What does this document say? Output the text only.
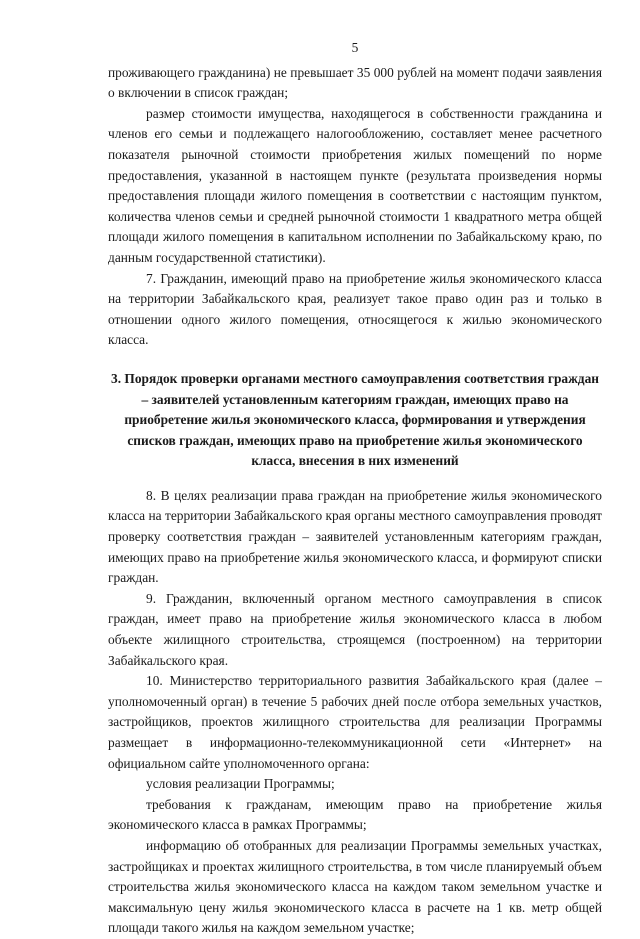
5

проживающего гражданина) не превышает 35 000 рублей на момент подачи заявления о включении в список граждан;

размер стоимости имущества, находящегося в собственности гражданина и членов его семьи и подлежащего налогообложению, составляет менее расчетного показателя рыночной стоимости приобретения жилых помещений по норме предоставления, указанной в настоящем пункте (результата произведения нормы предоставления площади жилого помещения в соответствии с настоящим пунктом, количества членов семьи и средней рыночной стоимости 1 квадратного метра общей площади жилого помещения в капитальном исполнении по Забайкальскому краю, по данным государственной статистики).

7. Гражданин, имеющий право на приобретение жилья экономического класса на территории Забайкальского края, реализует такое право один раз и только в отношении одного жилого помещения, относящегося к жилью экономического класса.

3. Порядок проверки органами местного самоуправления соответствия граждан – заявителей установленным категориям граждан, имеющих право на приобретение жилья экономического класса, формирования и утверждения списков граждан, имеющих право на приобретение жилья экономического класса, внесения в них изменений

8. В целях реализации права граждан на приобретение жилья экономического класса на территории Забайкальского края органы местного самоуправления проводят проверку соответствия граждан – заявителей установленным категориям граждан, имеющих право на приобретение жилья экономического класса, и формируют списки граждан.

9. Гражданин, включенный органом местного самоуправления в список граждан, имеет право на приобретение жилья экономического класса в любом объекте жилищного строительства, строящемся (построенном) на территории Забайкальского края.

10. Министерство территориального развития Забайкальского края (далее – уполномоченный орган) в течение 5 рабочих дней после отбора земельных участков, застройщиков, проектов жилищного строительства для реализации Программы размещает в информационно-телекоммуникационной сети «Интернет» на официальном сайте уполномоченного органа:

условия реализации Программы;

требования к гражданам, имеющим право на приобретение жилья экономического класса в рамках Программы;

информацию об отобранных для реализации Программы земельных участках, застройщиках и проектах жилищного строительства, в том числе планируемый объем строительства жилья экономического класса на каждом таком земельном участке и максимальную цену жилья экономического класса в расчете на 1 кв. метр общей площади такого жилья на каждом земельном участке;
